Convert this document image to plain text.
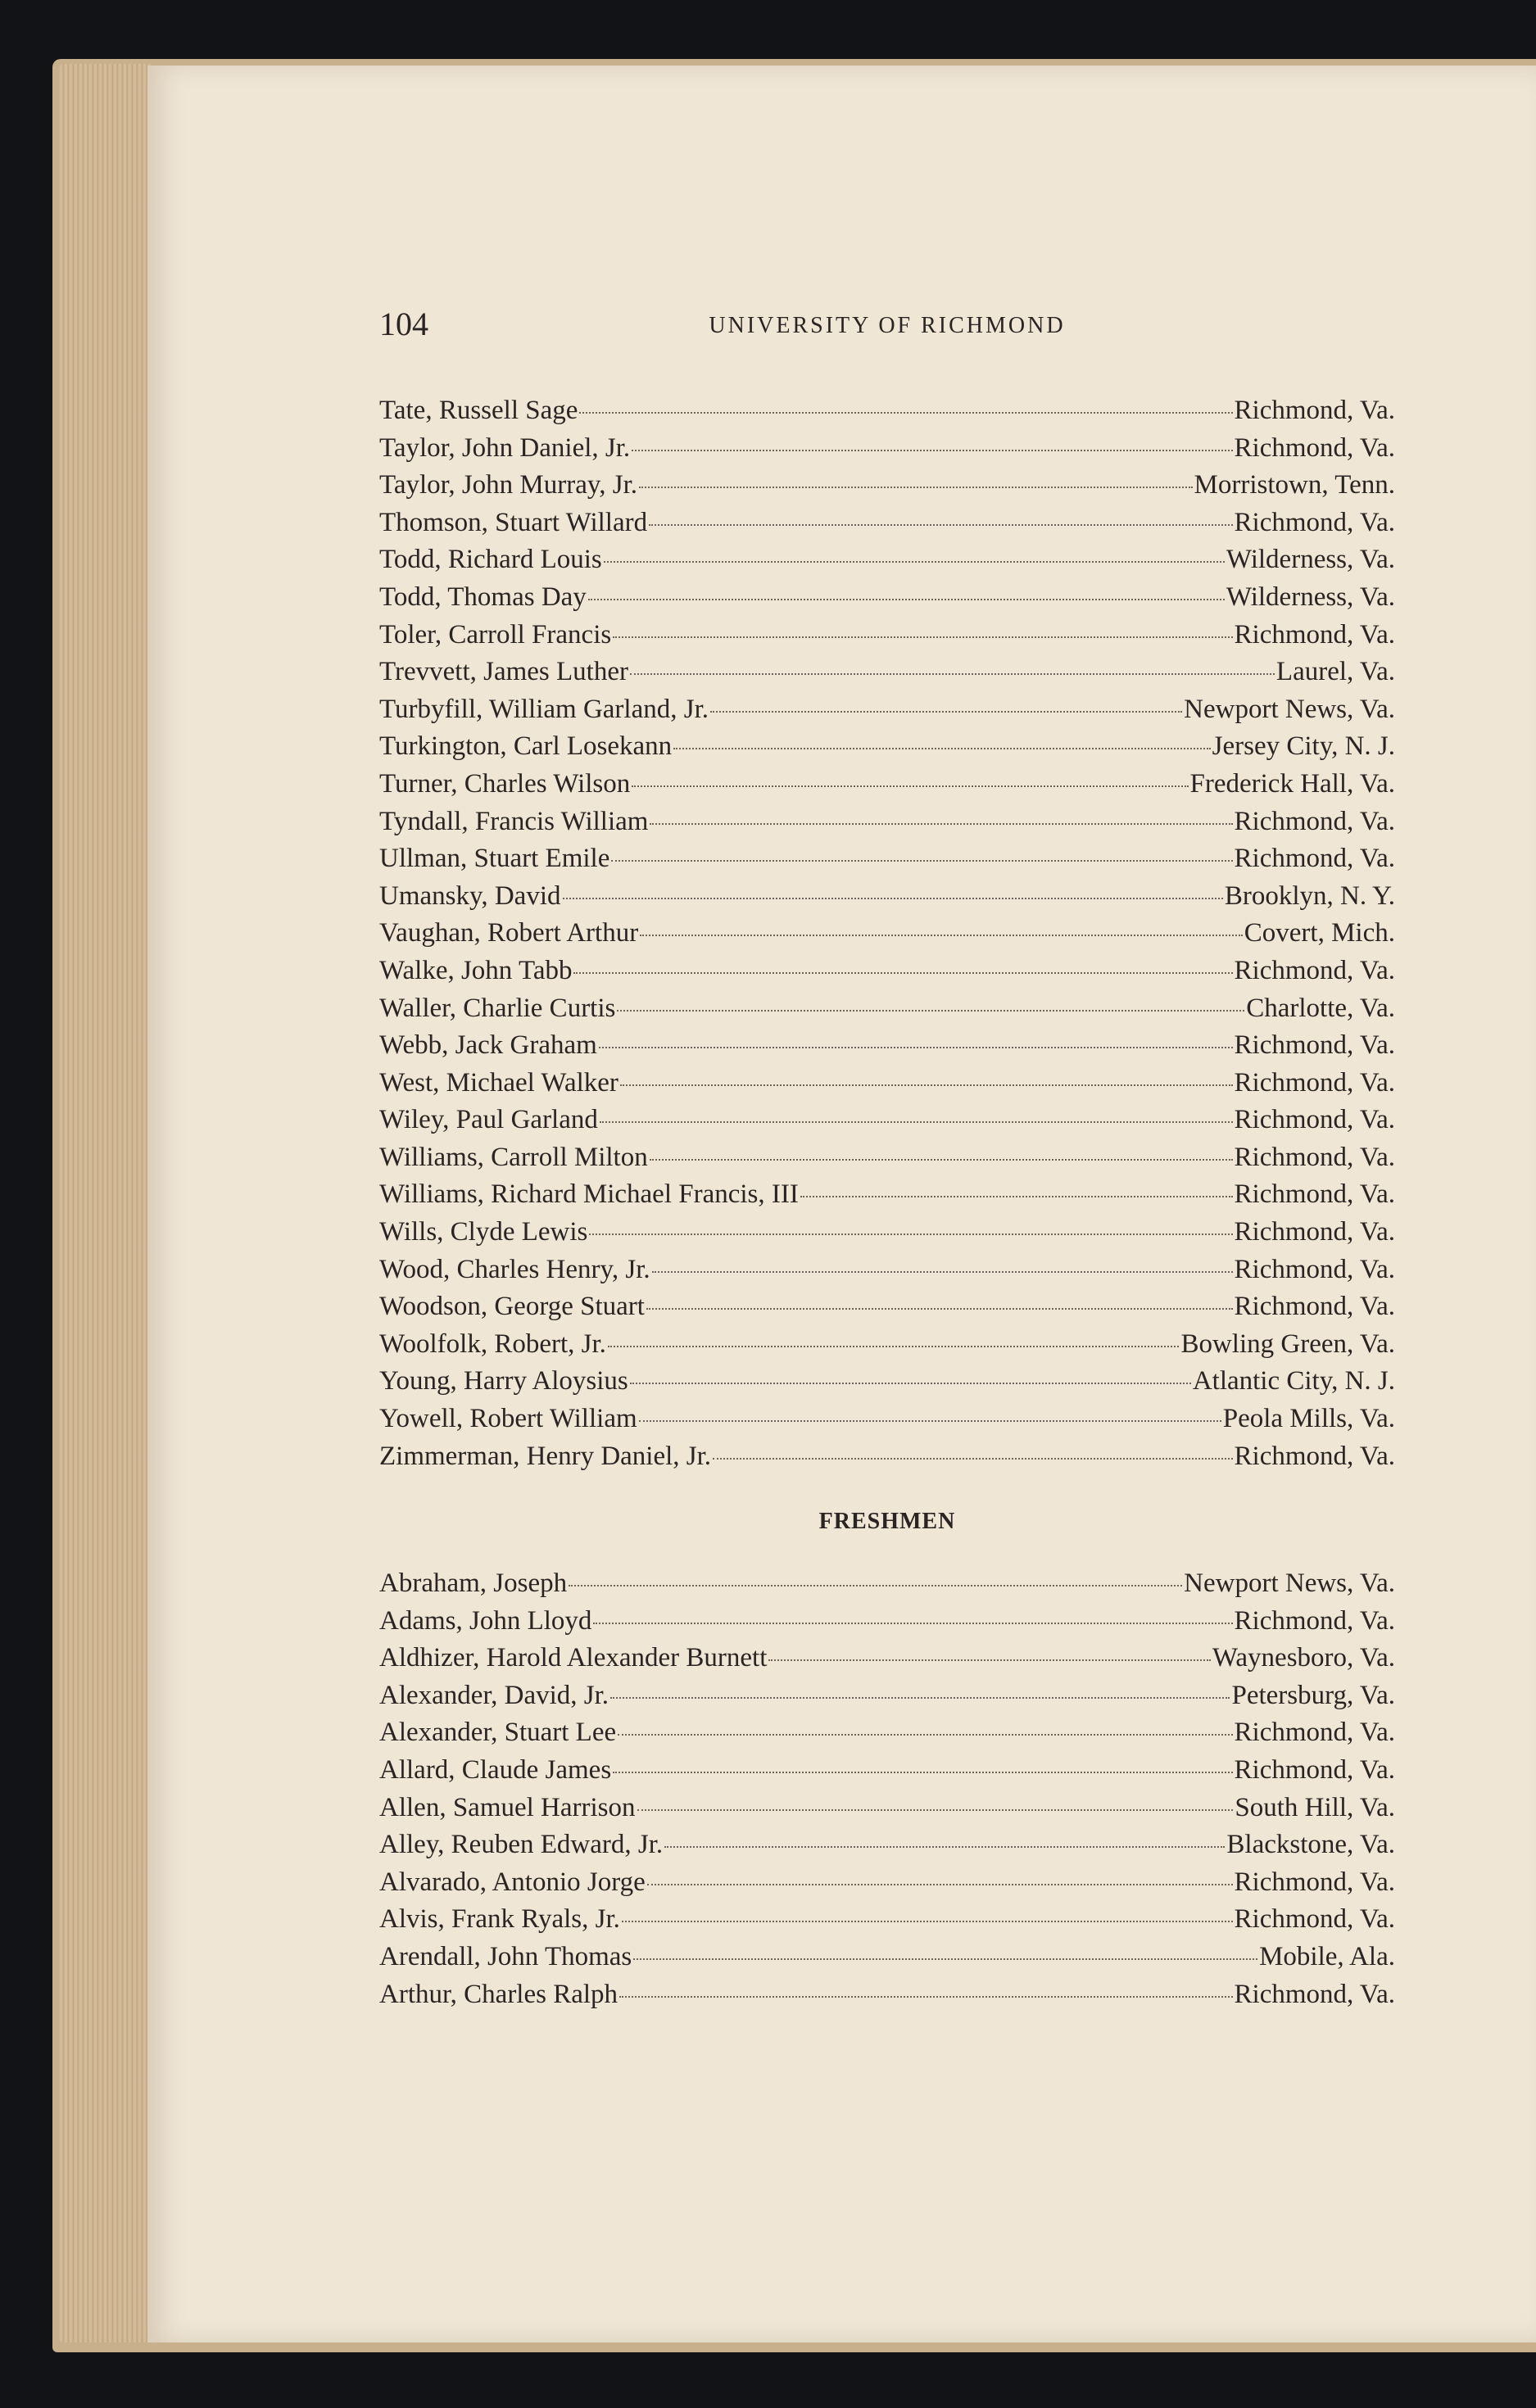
104	UNIVERSITY OF RICHMOND
Tate, Russell Sage	Richmond, Va.
Taylor, John Daniel, Jr.	Richmond, Va.
Taylor, John Murray, Jr.	Morristown, Tenn.
Thomson, Stuart Willard	Richmond, Va.
Todd, Richard Louis	Wilderness, Va.
Todd, Thomas Day	Wilderness, Va.
Toler, Carroll Francis	Richmond, Va.
Trevvett, James Luther	Laurel, Va.
Turbyfill, William Garland, Jr.	Newport News, Va.
Turkington, Carl Losekann	Jersey City, N. J.
Turner, Charles Wilson	Frederick Hall, Va.
Tyndall, Francis William	Richmond, Va.
Ullman, Stuart Emile	Richmond, Va.
Umansky, David	Brooklyn, N. Y.
Vaughan, Robert Arthur	Covert, Mich.
Walke, John Tabb	Richmond, Va.
Waller, Charlie Curtis	Charlotte, Va.
Webb, Jack Graham	Richmond, Va.
West, Michael Walker	Richmond, Va.
Wiley, Paul Garland	Richmond, Va.
Williams, Carroll Milton	Richmond, Va.
Williams, Richard Michael Francis, III	Richmond, Va.
Wills, Clyde Lewis	Richmond, Va.
Wood, Charles Henry, Jr.	Richmond, Va.
Woodson, George Stuart	Richmond, Va.
Woolfolk, Robert, Jr.	Bowling Green, Va.
Young, Harry Aloysius	Atlantic City, N. J.
Yowell, Robert William	Peola Mills, Va.
Zimmerman, Henry Daniel, Jr.	Richmond, Va.
FRESHMEN
Abraham, Joseph	Newport News, Va.
Adams, John Lloyd	Richmond, Va.
Aldhizer, Harold Alexander Burnett	Waynesboro, Va.
Alexander, David, Jr.	Petersburg, Va.
Alexander, Stuart Lee	Richmond, Va.
Allard, Claude James	Richmond, Va.
Allen, Samuel Harrison	South Hill, Va.
Alley, Reuben Edward, Jr.	Blackstone, Va.
Alvarado, Antonio Jorge	Richmond, Va.
Alvis, Frank Ryals, Jr.	Richmond, Va.
Arendall, John Thomas	Mobile, Ala.
Arthur, Charles Ralph	Richmond, Va.
